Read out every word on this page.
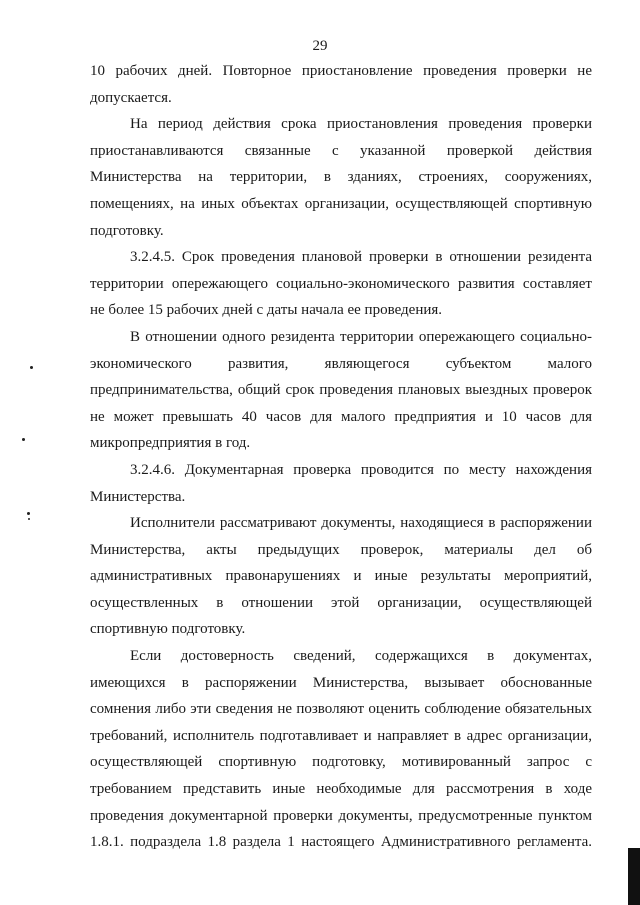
29

10 рабочих дней. Повторное приостановление проведения проверки не допускается.

На период действия срока приостановления проведения проверки приостанавливаются связанные с указанной проверкой действия Министерства на территории, в зданиях, строениях, сооружениях, помещениях, на иных объектах организации, осуществляющей спортивную подготовку.

3.2.4.5. Срок проведения плановой проверки в отношении резидента территории опережающего социально-экономического развития составляет не более 15 рабочих дней с даты начала ее проведения.

В отношении одного резидента территории опережающего социально-экономического развития, являющегося субъектом малого предпринимательства, общий срок проведения плановых выездных проверок не может превышать 40 часов для малого предприятия и 10 часов для микропредприятия в год.

3.2.4.6. Документарная проверка проводится по месту нахождения Министерства.

Исполнители рассматривают документы, находящиеся в распоряжении Министерства, акты предыдущих проверок, материалы дел об административных правонарушениях и иные результаты мероприятий, осуществленных в отношении этой организации, осуществляющей спортивную подготовку.

Если достоверность сведений, содержащихся в документах, имеющихся в распоряжении Министерства, вызывает обоснованные сомнения либо эти сведения не позволяют оценить соблюдение обязательных требований, исполнитель подготавливает и направляет в адрес организации, осуществляющей спортивную подготовку, мотивированный запрос с требованием представить иные необходимые для рассмотрения в ходе проведения документарной проверки документы, предусмотренные пунктом 1.8.1. подраздела 1.8 раздела 1 настоящего Административного регламента.
